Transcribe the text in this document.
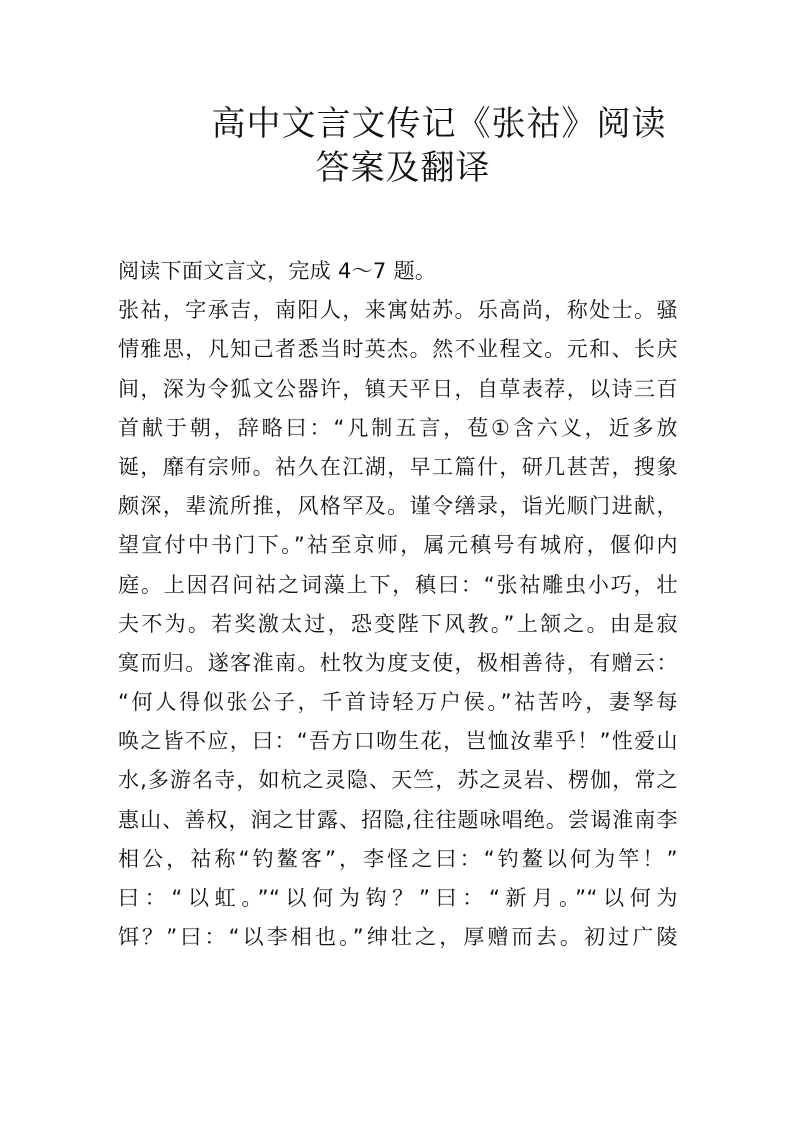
高中文言文传记《张祜》阅读
答案及翻译
阅读下面文言文，完成 4～7 题。
张祜，字承吉，南阳人，来寓姑苏。乐高尚，称处士。骚
情雅思，凡知己者悉当时英杰。然不业程文。元和、长庆
间，深为令狐文公器许，镇天平日，自草表荐，以诗三百
首献于朝，辞略曰：“凡制五言，苞①含六义，近多放
诞，靡有宗师。祜久在江湖，早工篇什，研几甚苦，搜象
颇深，辈流所推，风格罕及。谨令缮录，诣光顺门进献，
望宣付中书门下。”祜至京师，属元稹号有城府，偃仰内
庭。上因召问祜之词藻上下，稹曰：“张祜雕虫小巧，壮
夫不为。若奖激太过，恐变陛下风教。”上颔之。由是寂
寞而归。遂客淮南。杜牧为度支使，极相善待，有赠云：
“何人得似张公子，千首诗轻万户侯。”祜苦吟，妻孥每
唤之皆不应，曰：“吾方口吻生花，岂恤汝辈乎！”性爱山
水,多游名寺，如杭之灵隐、天竺，苏之灵岩、楞伽，常之
惠山、善权，润之甘露、招隐,往往题咏唱绝。尝谒淮南李
相公，祜称“钓鳌客”，李怪之曰：“钓鳌以何为竿！”
曰：“以虹。”“以何为钩？”曰：“新月。”“以何为
饵？”曰：“以李相也。”绅壮之，厚赠而去。初过广陵
